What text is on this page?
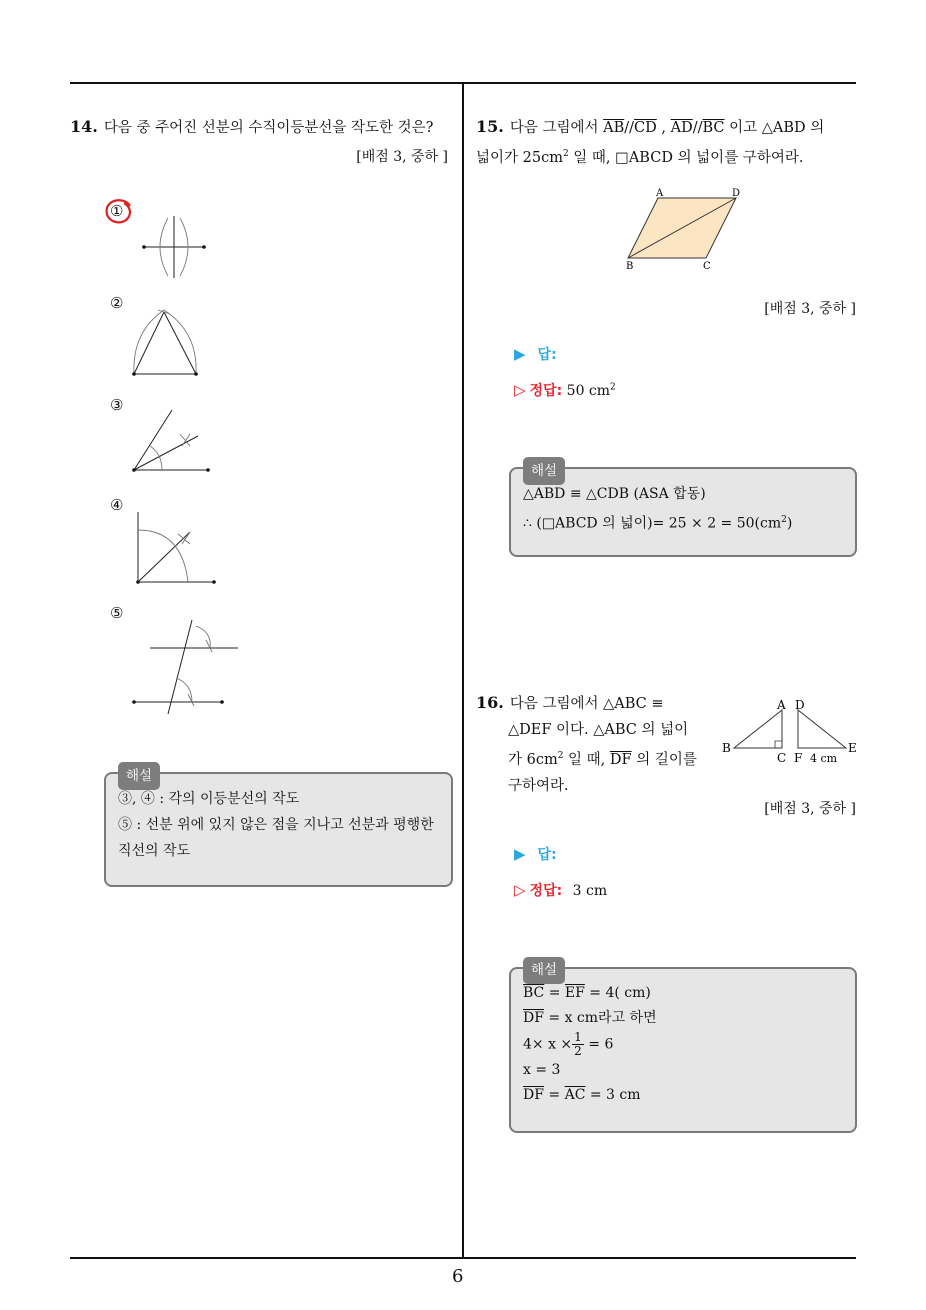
14. 다음 중 주어진 선분의 수직이등분선을 작도한 것은?
[배점 3, 중하 ]
①
②
③
④
⑤
해설
③, ④ : 각의 이등분선의 작도
⑤ : 선분 위에 있지 않은 점을 지나고 선분과 평행한 직선의 작도
15. 다음 그림에서 $\overline{AB}//\overline{CD}$ , $\overline{AD}//\overline{BC}$ 이고 △ABD 의
넓이가 $25cm^2$ 일 때, □ABCD 의 넓이를 구하여라.
A	D
B	C
[배점 3, 중하 ]
▶ 답:
▷ 정답: 50 $cm^2$
해설
△ABD ≡ △CDB (ASA 합동)
∴ (□ABCD 의 넓이)= $25 \times 2 = 50(cm^2)$
16. 다음 그림에서 △ABC ≡
△DEF 이다. △ABC 의 넓이
가 $6cm^2$ 일 때, $\overline{DF}$ 의 길이를
구하여라.
A D
B
C F
E
4 cm
[배점 3, 중하 ]
▶ 답:
▷ 정답: 3 cm
해설
$\overline{BC} = \overline{EF} = 4$( cm)
$\overline{DF} = x$ cm라고 하면
$4\times x \times \frac{1}{2} = 6$
x = 3
$\overline{DF} = \overline{AC} = 3$ cm
6
